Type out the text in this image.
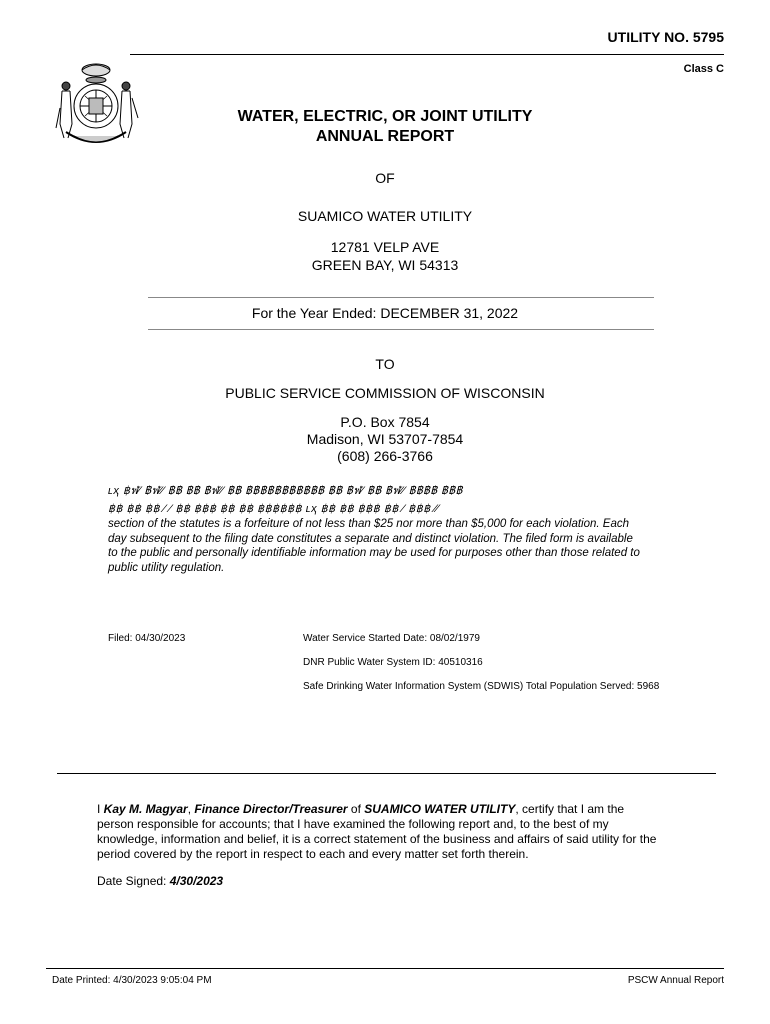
UTILITY NO. 5795
Class C
WATER, ELECTRIC, OR JOINT UTILITY
ANNUAL REPORT
OF
SUAMICO WATER UTILITY
12781 VELP AVE
GREEN BAY, WI 54313
For the Year Ended: DECEMBER 31, 2022
TO
PUBLIC SERVICE COMMISSION OF WISCONSIN
P.O. Box 7854
Madison, WI 53707-7854
(608) 266-3766
ʟҳ ฿ฬ∕ ฿ฬ⁄⁄ ฿฿ ฿฿ ฿ฬ⁄⁄ ฿฿ ฿฿฿฿฿฿฿฿฿฿฿ ฿฿ ฿ฬ⁄ ฿฿ ฿ฬ⁄⁄ ฿฿฿฿ ฿฿฿
฿฿ ฿฿ ฿฿ ⁄ ⁄ ฿฿ ฿฿฿ ฿฿ ฿฿ ฿฿฿฿฿฿ ʟҳ ฿฿ ฿฿ ฿฿฿ ฿฿ ⁄ ฿฿฿ ⁄⁄
section of the statutes is a forfeiture of not less than $25 nor more than $5,000 for each violation. Each
day subsequent to the filing date constitutes a separate and distinct violation. The filed form is available
to the public and personally identifiable information may be used for purposes other than those related to
public utility regulation.
Filed: 04/30/2023	Water Service Started Date: 08/02/1979
DNR Public Water System ID: 40510316
Safe Drinking Water Information System (SDWIS) Total Population Served: 5968
I Kay M. Magyar, Finance Director/Treasurer of SUAMICO WATER UTILITY, certify that I am the
person responsible for accounts; that I have examined the following report and, to the best of my
knowledge, information and belief, it is a correct statement of the business and affairs of said utility for the
period covered by the report in respect to each and every matter set forth therein.
Date Signed: 4/30/2023
Date Printed: 4/30/2023 9:05:04 PM	PSCW Annual Report
